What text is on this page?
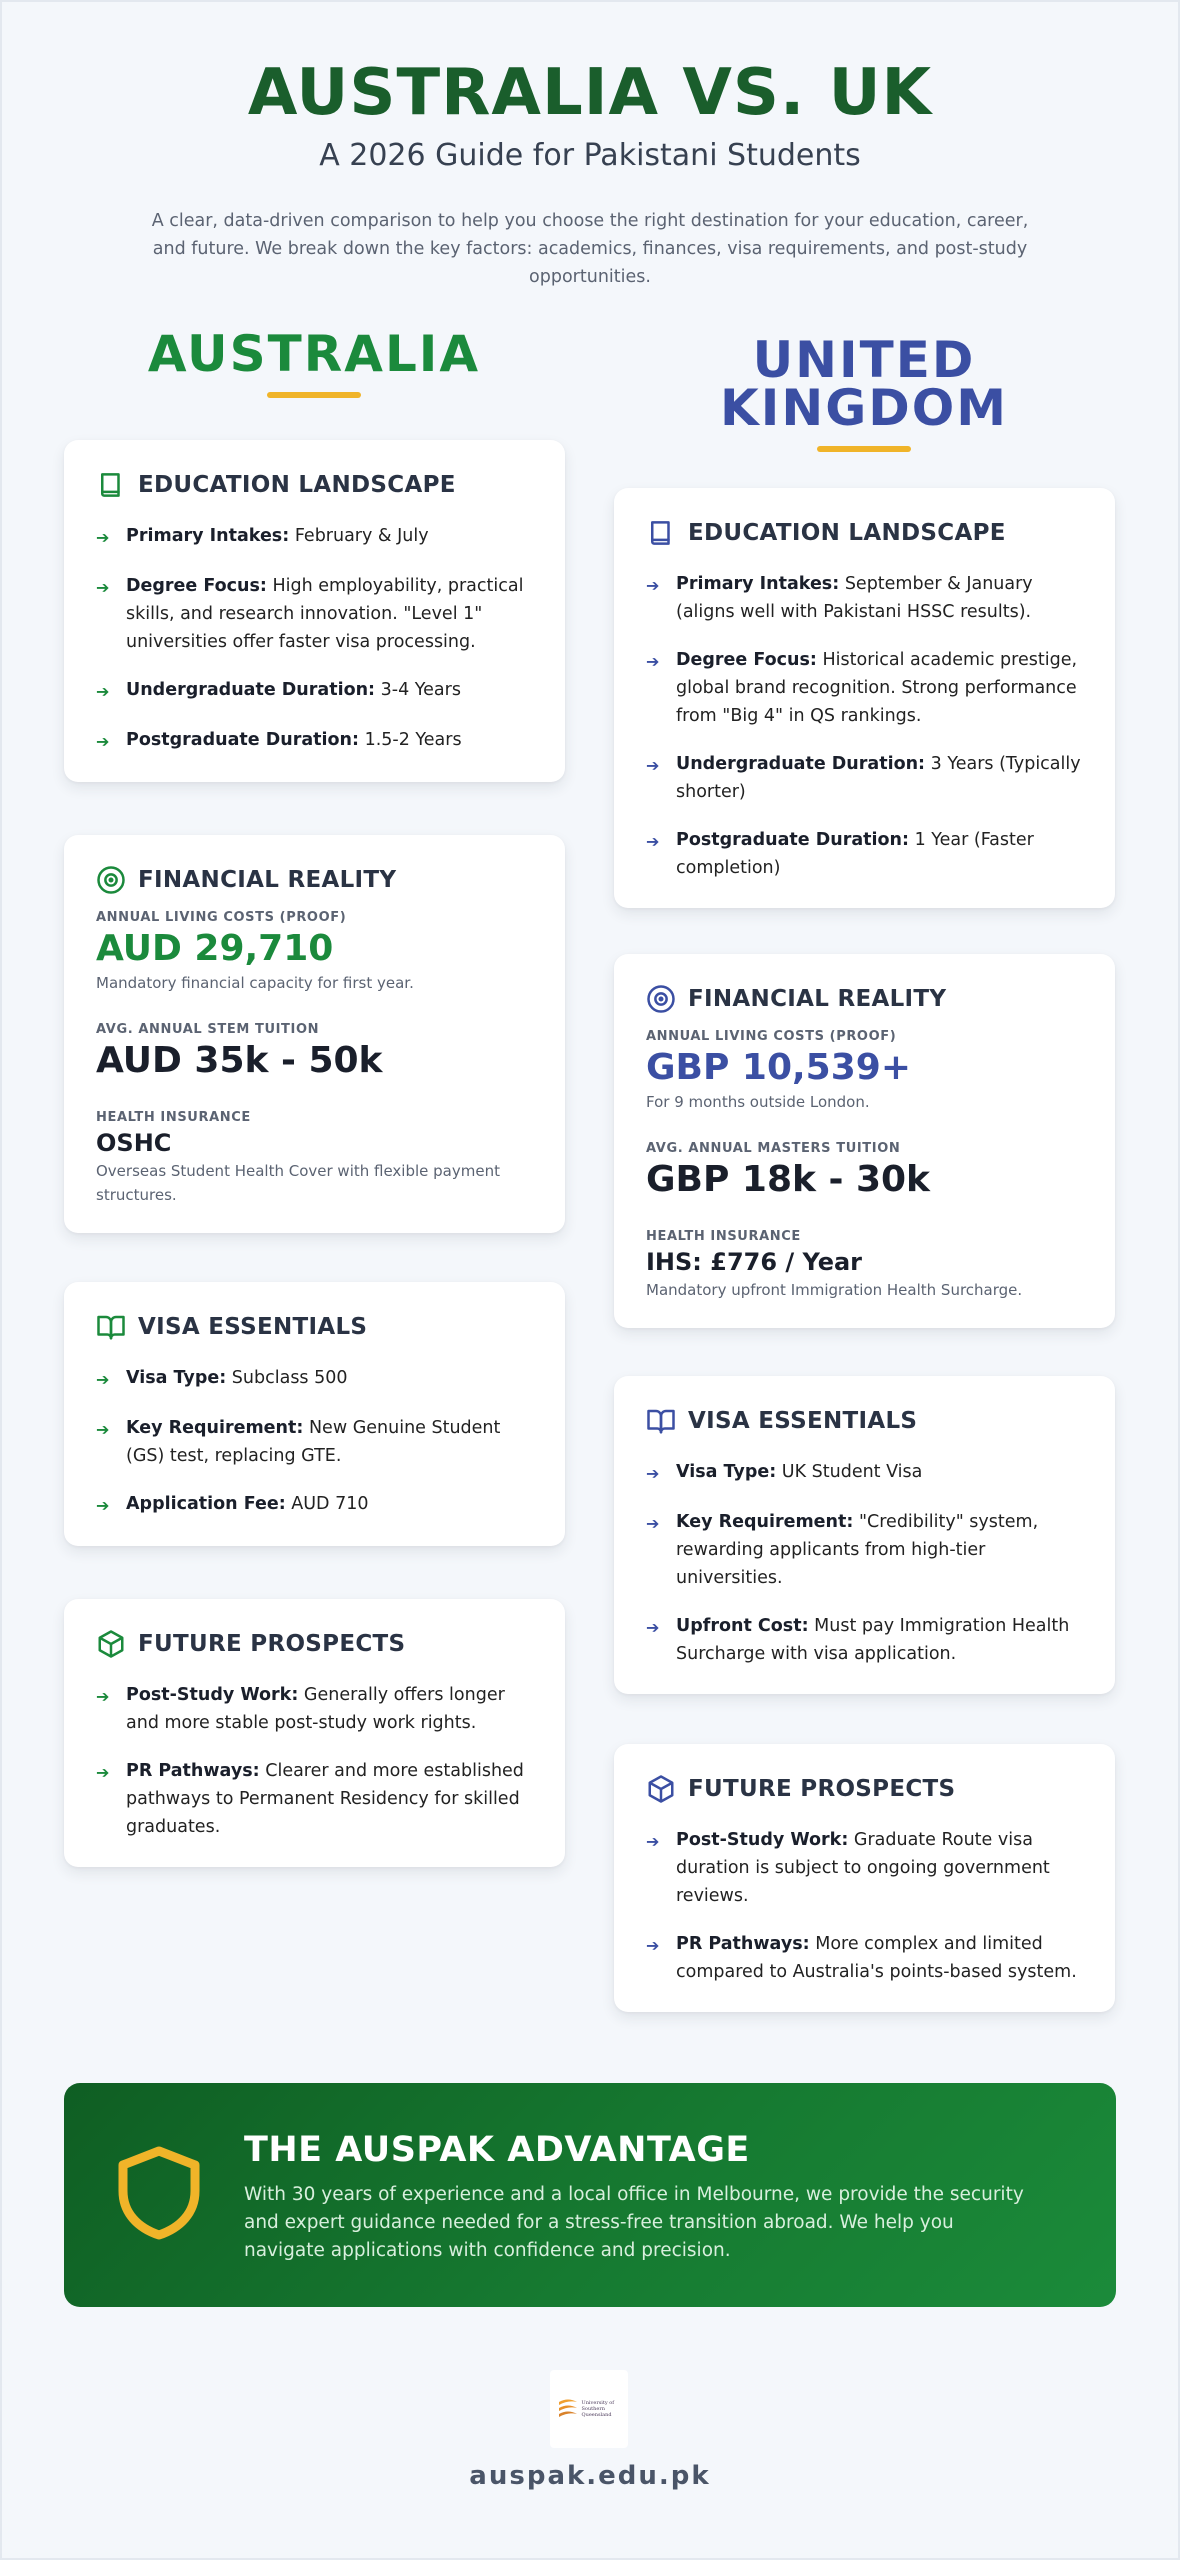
AUSTRALIA VS. UK
A 2026 Guide for Pakistani Students
A clear, data-driven comparison to help you choose the right destination for your education, career, and future. We break down the key factors: academics, finances, visa requirements, and post-study opportunities.
AUSTRALIA	UNITED
KINGDOM
EDUCATION LANDSCAPE
➔ Primary Intakes: February & July
➔ Degree Focus: High employability, practical skills, and research innovation. "Level 1" universities offer faster visa processing.
➔ Undergraduate Duration: 3-4 Years
➔ Postgraduate Duration: 1.5-2 Years
FINANCIAL REALITY
ANNUAL LIVING COSTS (PROOF)
AUD 29,710
Mandatory financial capacity for first year.
AVG. ANNUAL STEM TUITION
AUD 35k - 50k
HEALTH INSURANCE
OSHC
Overseas Student Health Cover with flexible payment structures.
VISA ESSENTIALS
➔ Visa Type: Subclass 500
➔ Key Requirement: New Genuine Student (GS) test, replacing GTE.
➔ Application Fee: AUD 710
FUTURE PROSPECTS
➔ Post-Study Work: Generally offers longer and more stable post-study work rights.
➔ PR Pathways: Clearer and more established pathways to Permanent Residency for skilled graduates.
EDUCATION LANDSCAPE
➔ Primary Intakes: September & January (aligns well with Pakistani HSSC results).
➔ Degree Focus: Historical academic prestige, global brand recognition. Strong performance from "Big 4" in QS rankings.
➔ Undergraduate Duration: 3 Years (Typically shorter)
➔ Postgraduate Duration: 1 Year (Faster completion)
FINANCIAL REALITY
ANNUAL LIVING COSTS (PROOF)
GBP 10,539+
For 9 months outside London.
AVG. ANNUAL MASTERS TUITION
GBP 18k - 30k
HEALTH INSURANCE
IHS: £776 / Year
Mandatory upfront Immigration Health Surcharge.
VISA ESSENTIALS
➔ Visa Type: UK Student Visa
➔ Key Requirement: "Credibility" system, rewarding applicants from high-tier universities.
➔ Upfront Cost: Must pay Immigration Health Surcharge with visa application.
FUTURE PROSPECTS
➔ Post-Study Work: Graduate Route visa duration is subject to ongoing government reviews.
➔ PR Pathways: More complex and limited compared to Australia's points-based system.
THE AUSPAK ADVANTAGE
With 30 years of experience and a local office in Melbourne, we provide the security and expert guidance needed for a stress-free transition abroad. We help you navigate applications with confidence and precision.
University of Southern Queensland
auspak.edu.pk
